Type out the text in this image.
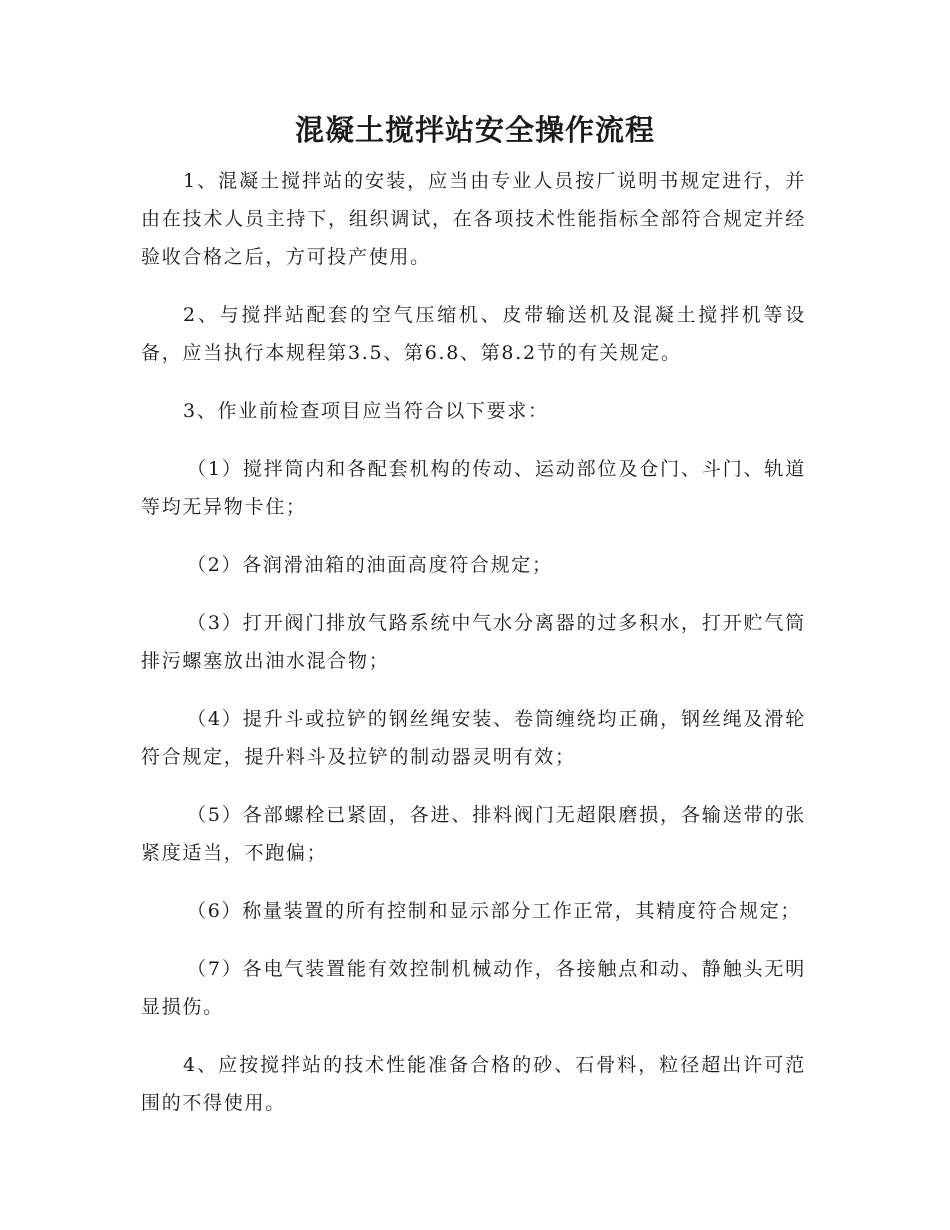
混凝土搅拌站安全操作流程

1、混凝土搅拌站的安装，应当由专业人员按厂说明书规定进行，并由在技术人员主持下，组织调试，在各项技术性能指标全部符合规定并经验收合格之后，方可投产使用。

2、与搅拌站配套的空气压缩机、皮带输送机及混凝土搅拌机等设备，应当执行本规程第3.5、第6.8、第8.2节的有关规定。

3、作业前检查项目应当符合以下要求：

（1）搅拌筒内和各配套机构的传动、运动部位及仓门、斗门、轨道等均无异物卡住；

（2）各润滑油箱的油面高度符合规定；

（3）打开阀门排放气路系统中气水分离器的过多积水，打开贮气筒排污螺塞放出油水混合物；

（4）提升斗或拉铲的钢丝绳安装、卷筒缠绕均正确，钢丝绳及滑轮符合规定，提升料斗及拉铲的制动器灵明有效；

（5）各部螺栓已紧固，各进、排料阀门无超限磨损，各输送带的张紧度适当，不跑偏；

（6）称量装置的所有控制和显示部分工作正常，其精度符合规定；

（7）各电气装置能有效控制机械动作，各接触点和动、静触头无明显损伤。

4、应按搅拌站的技术性能准备合格的砂、石骨料，粒径超出许可范围的不得使用。
